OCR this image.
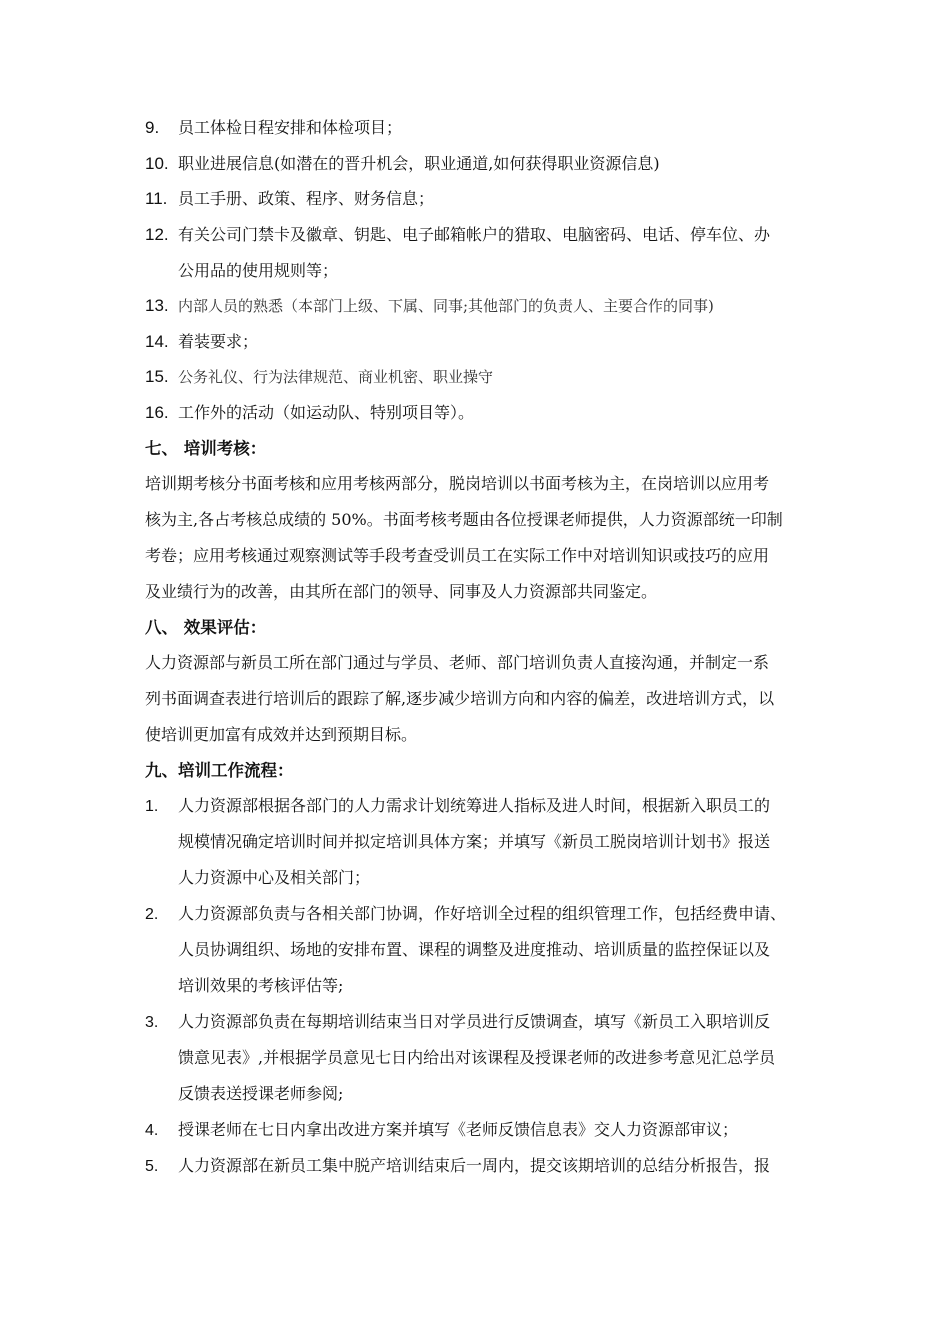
9. 员工体检日程安排和体检项目；
10. 职业进展信息(如潜在的晋升机会，职业通道,如何获得职业资源信息)
11. 员工手册、政策、程序、财务信息；
12. 有关公司门禁卡及徽章、钥匙、电子邮箱帐户的猎取、电脑密码、电话、停车位、办
公用品的使用规则等；
13. 内部人员的熟悉（本部门上级、下属、同事;其他部门的负责人、主要合作的同事)
14. 着装要求；
15. 公务礼仪、行为法律规范、商业机密、职业操守
16. 工作外的活动（如运动队、特别项目等）。
七、 培训考核：
培训期考核分书面考核和应用考核两部分，脱岗培训以书面考核为主，在岗培训以应用考
核为主,各占考核总成绩的 50%。书面考核考题由各位授课老师提供，人力资源部统一印制
考卷；应用考核通过观察测试等手段考查受训员工在实际工作中对培训知识或技巧的应用
及业绩行为的改善，由其所在部门的领导、同事及人力资源部共同鉴定。
八、 效果评估：
人力资源部与新员工所在部门通过与学员、老师、部门培训负责人直接沟通，并制定一系
列书面调查表进行培训后的跟踪了解,逐步减少培训方向和内容的偏差，改进培训方式，以
使培训更加富有成效并达到预期目标。
九、培训工作流程：
1. 人力资源部根据各部门的人力需求计划统筹进人指标及进人时间，根据新入职员工的
规模情况确定培训时间并拟定培训具体方案；并填写《新员工脱岗培训计划书》报送
人力资源中心及相关部门；
2. 人力资源部负责与各相关部门协调，作好培训全过程的组织管理工作，包括经费申请、
人员协调组织、场地的安排布置、课程的调整及进度推动、培训质量的监控保证以及
培训效果的考核评估等;
3. 人力资源部负责在每期培训结束当日对学员进行反馈调查，填写《新员工入职培训反
馈意见表》,并根据学员意见七日内给出对该课程及授课老师的改进参考意见汇总学员
反馈表送授课老师参阅;
4. 授课老师在七日内拿出改进方案并填写《老师反馈信息表》交人力资源部审议；
5. 人力资源部在新员工集中脱产培训结束后一周内，提交该期培训的总结分析报告，报
